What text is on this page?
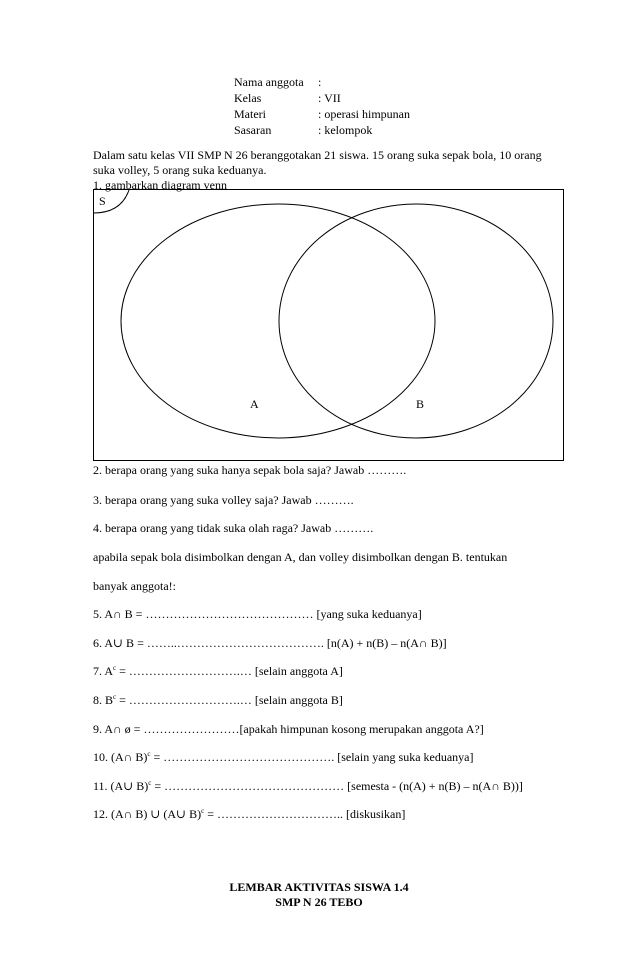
Nama anggota	:
Kelas	: VII
Materi	: operasi himpunan
Sasaran	: kelompok
Dalam satu kelas VII SMP N 26 beranggotakan 21 siswa. 15 orang suka sepak bola, 10 orang suka volley, 5 orang suka keduanya.
1. gambarkan diagram venn
S
A	B
2. berapa orang yang suka hanya sepak bola saja? Jawab ……….
3. berapa orang yang suka volley saja? Jawab ……….
4. berapa orang yang tidak suka olah raga? Jawab ……….
apabila sepak bola disimbolkan dengan A, dan volley disimbolkan dengan B. tentukan
banyak anggota!:
5. A∩ B = …………………………………… [yang suka keduanya]
6. A∪ B = ……..………………………………. [n(A) + n(B) – n(A∩ B)]
7. $A^c$ = ……………………….… [selain anggota A]
8. $B^c$ = ……………………….… [selain anggota B]
9. A∩ ø = ……………………[apakah himpunan kosong merupakan anggota A?]
10. (A∩ B)$^c$ = ……………………………………. [selain yang suka keduanya]
11. (A∪ B)$^c$ = ……………………………………… [semesta - (n(A) + n(B) – n(A∩ B))]
12. (A∩ B) ∪ (A∪ B)$^c$ = ………………………….. [diskusikan]
LEMBAR AKTIVITAS SISWA 1.4
SMP N 26 TEBO
